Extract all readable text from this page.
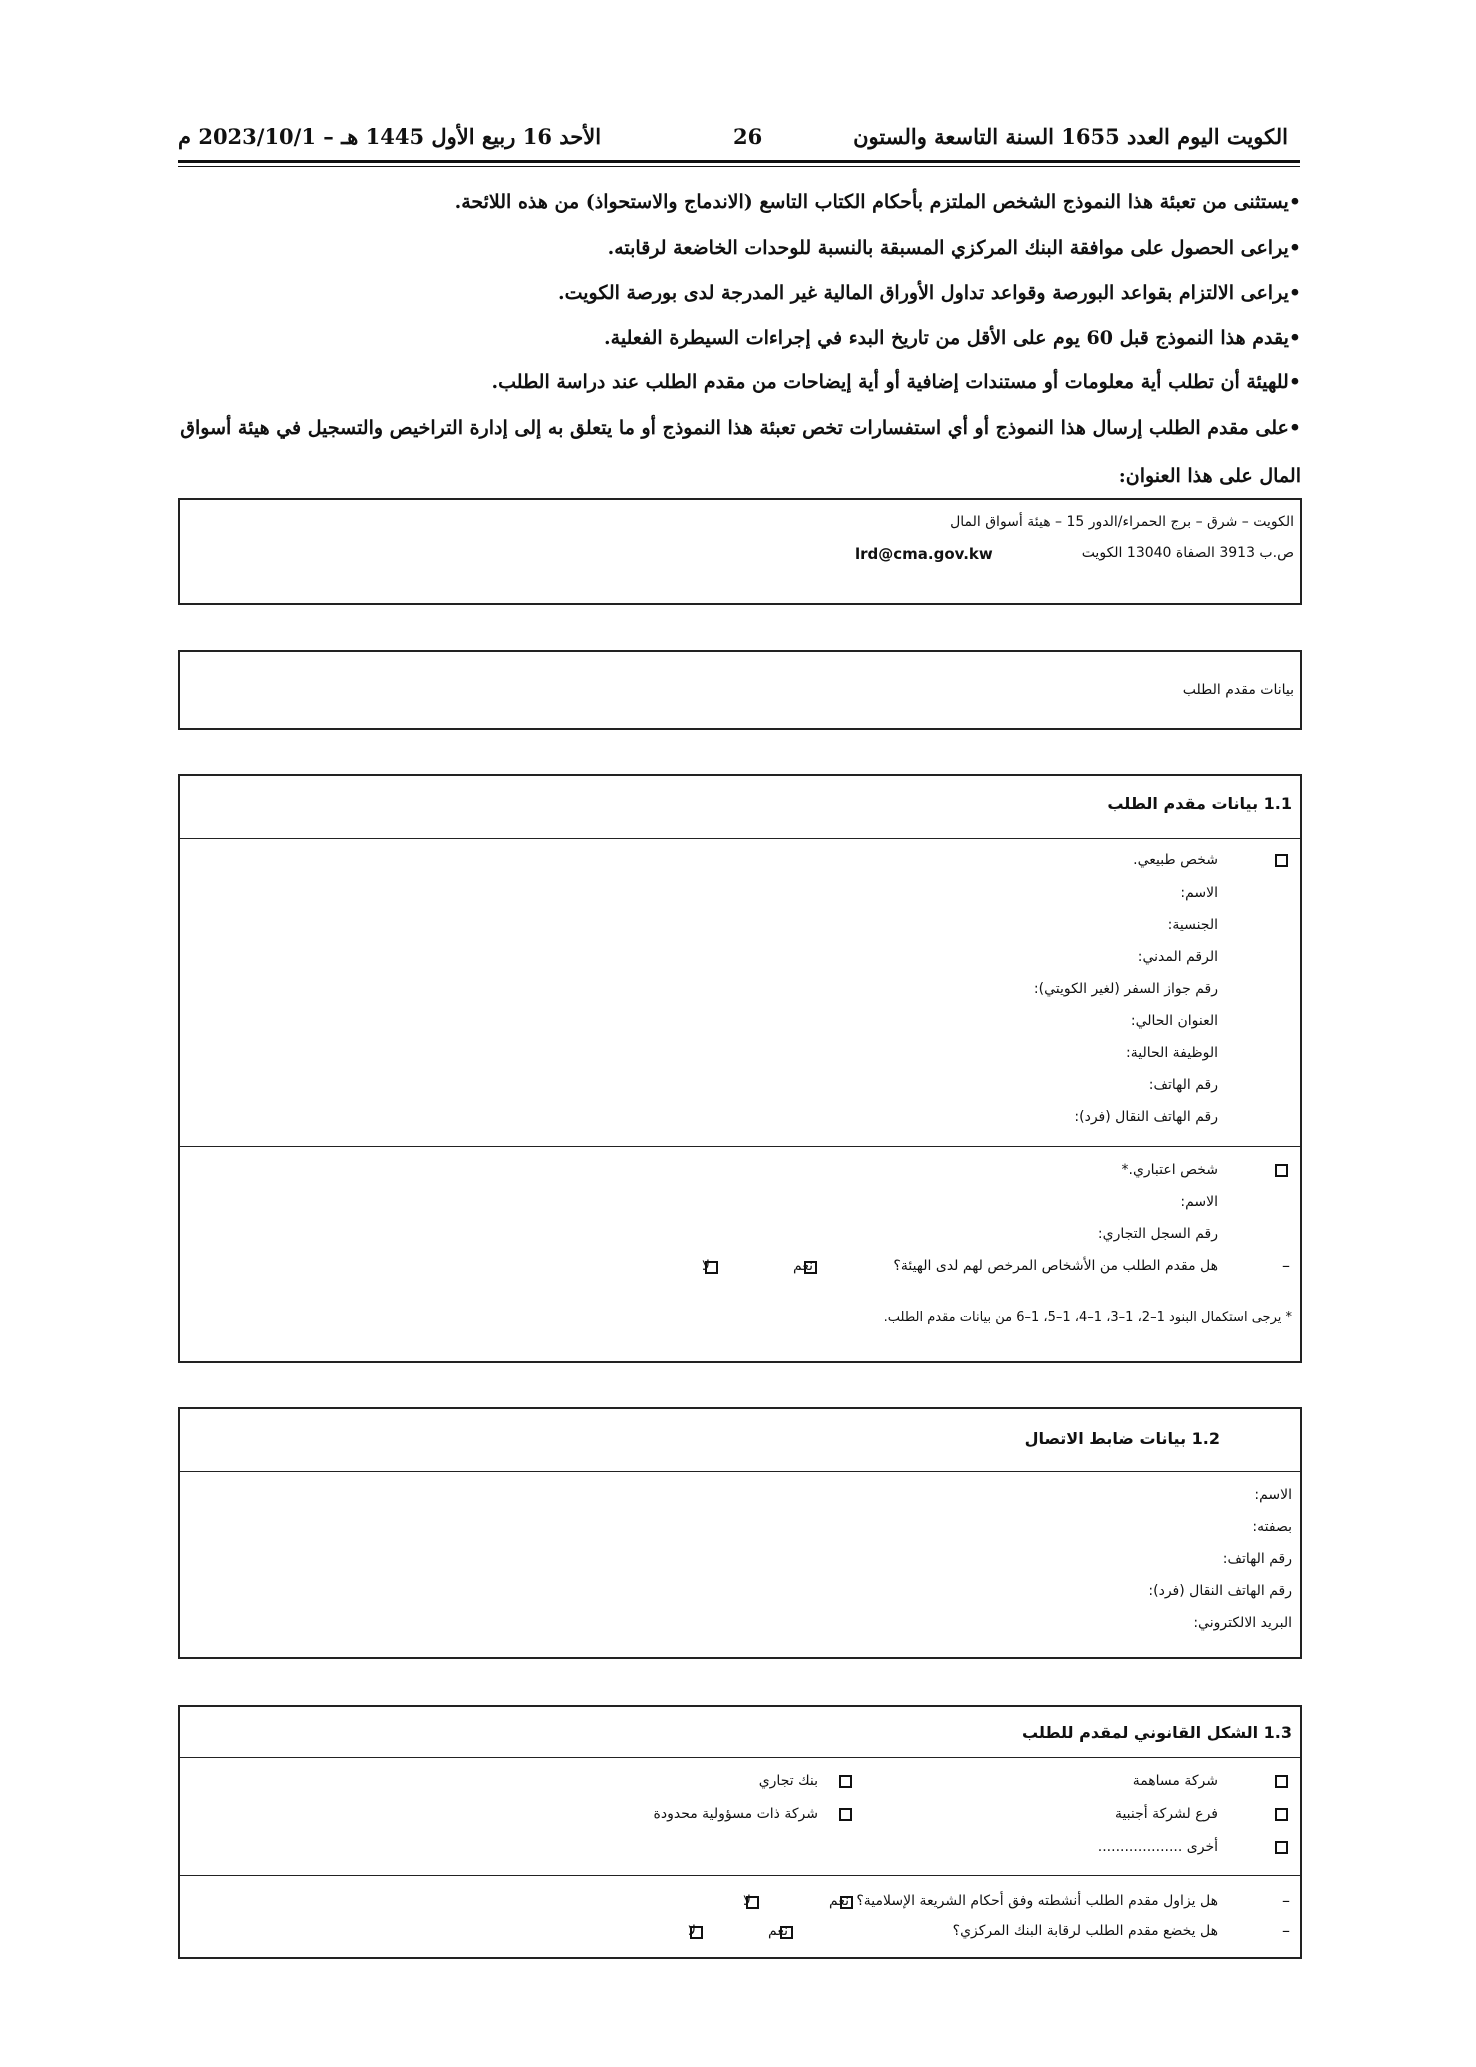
الكويت اليوم العدد 1655 السنة التاسعة والستون
26
الأحد 16 ربيع الأول 1445 هـ – 2023/10/1 م
•يستثنى من تعبئة هذا النموذج الشخص الملتزم بأحكام الكتاب التاسع (الاندماج والاستحواذ) من هذه اللائحة.
•يراعى الحصول على موافقة البنك المركزي المسبقة بالنسبة للوحدات الخاضعة لرقابته.
•يراعى الالتزام بقواعد البورصة وقواعد تداول الأوراق المالية غير المدرجة لدى بورصة الكويت.
•يقدم هذا النموذج قبل 60 يوم على الأقل من تاريخ البدء في إجراءات السيطرة الفعلية.
•للهيئة أن تطلب أية معلومات أو مستندات إضافية أو أية إيضاحات من مقدم الطلب عند دراسة الطلب.
•على مقدم الطلب إرسال هذا النموذج أو أي استفسارات تخص تعبئة هذا النموذج أو ما يتعلق به إلى إدارة التراخيص والتسجيل في هيئة أسواق المال على هذا العنوان:
الكويت – شرق – برج الحمراء/الدور 15 – هيئة أسواق المال
ص.ب 3913 الصفاة 13040 الكويت
lrd@cma.gov.kw
بيانات مقدم الطلب
1.1 بيانات مقدم الطلب
شخص طبيعي.
الاسم:
الجنسية:
الرقم المدني:
رقم جواز السفر (لغير الكويتي):
العنوان الحالي:
الوظيفة الحالية:
رقم الهاتف:
رقم الهاتف النقال (فرد):
شخص اعتباري.*
الاسم:
رقم السجل التجاري:
–
هل مقدم الطلب من الأشخاص المرخص لهم لدى الهيئة؟
نعم
لا
* يرجى استكمال البنود 1–2، 1–3، 1–4، 1–5، 1–6 من بيانات مقدم الطلب.
1.2 بيانات ضابط الاتصال
الاسم:
بصفته:
رقم الهاتف:
رقم الهاتف النقال (فرد):
البريد الالكتروني:
1.3 الشكل القانوني لمقدم للطلب
شركة مساهمة
فرع لشركة أجنبية
أخرى ...................
بنك تجاري
شركة ذات مسؤولية محدودة
–
هل يزاول مقدم الطلب أنشطته وفق أحكام الشريعة الإسلامية؟
نعم
لا
–
هل يخضع مقدم الطلب لرقابة البنك المركزي؟
نعم
لا
